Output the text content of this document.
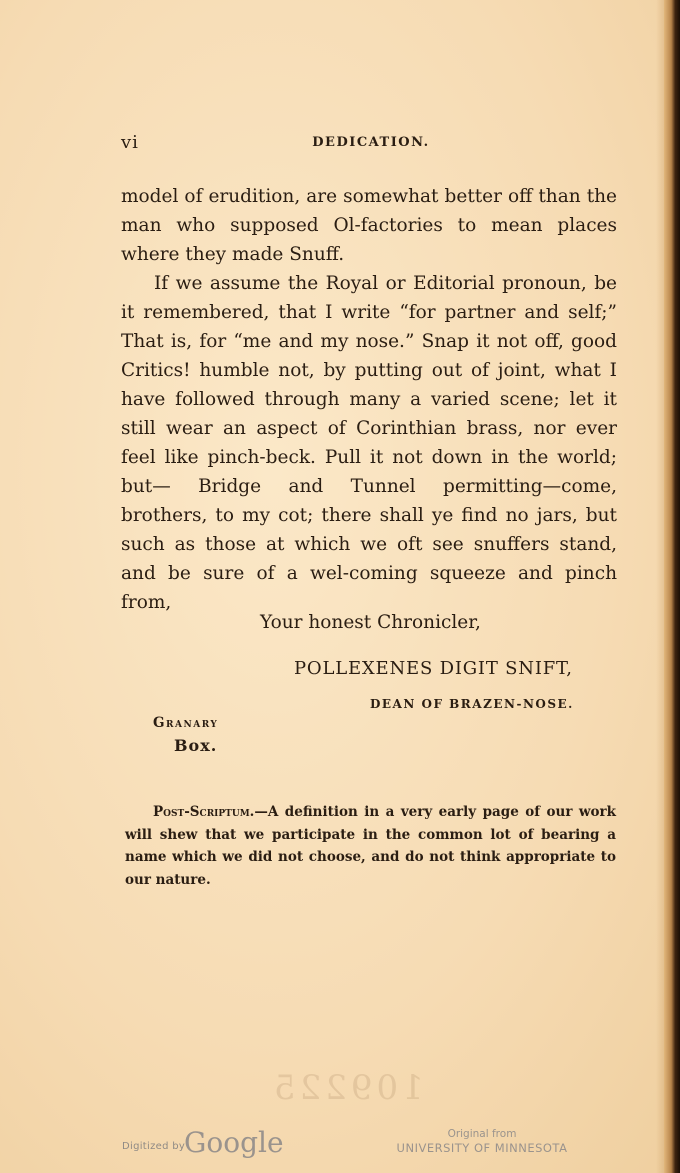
109225
vi	DEDICATION.
model of erudition, are somewhat better off than the man who supposed Ol-factories to mean places where they made Snuff.
If we assume the Royal or Editorial pronoun, be it remembered, that I write “for partner and self;” That is, for “me and my nose.” Snap it not off, good Critics! humble not, by putting out of joint, what I have followed through many a varied scene; let it still wear an aspect of Corinthian brass, nor ever feel like pinch-beck. Pull it not down in the world; but— Bridge and Tunnel permitting—come, brothers, to my cot; there shall ye find no jars, but such as those at which we oft see snuffers stand, and be sure of a wel-coming squeeze and pinch from,
Your honest Chronicler,
POLLEXENES DIGIT SNIFT,
DEAN OF BRAZEN-NOSE.
Granary
Box.
Post-Scriptum.—A definition in a very early page of our work will shew that we participate in the common lot of bearing a name which we did not choose, and do not think appropriate to our nature.
Digitized by
Google	Original from
UNIVERSITY OF MINNESOTA
